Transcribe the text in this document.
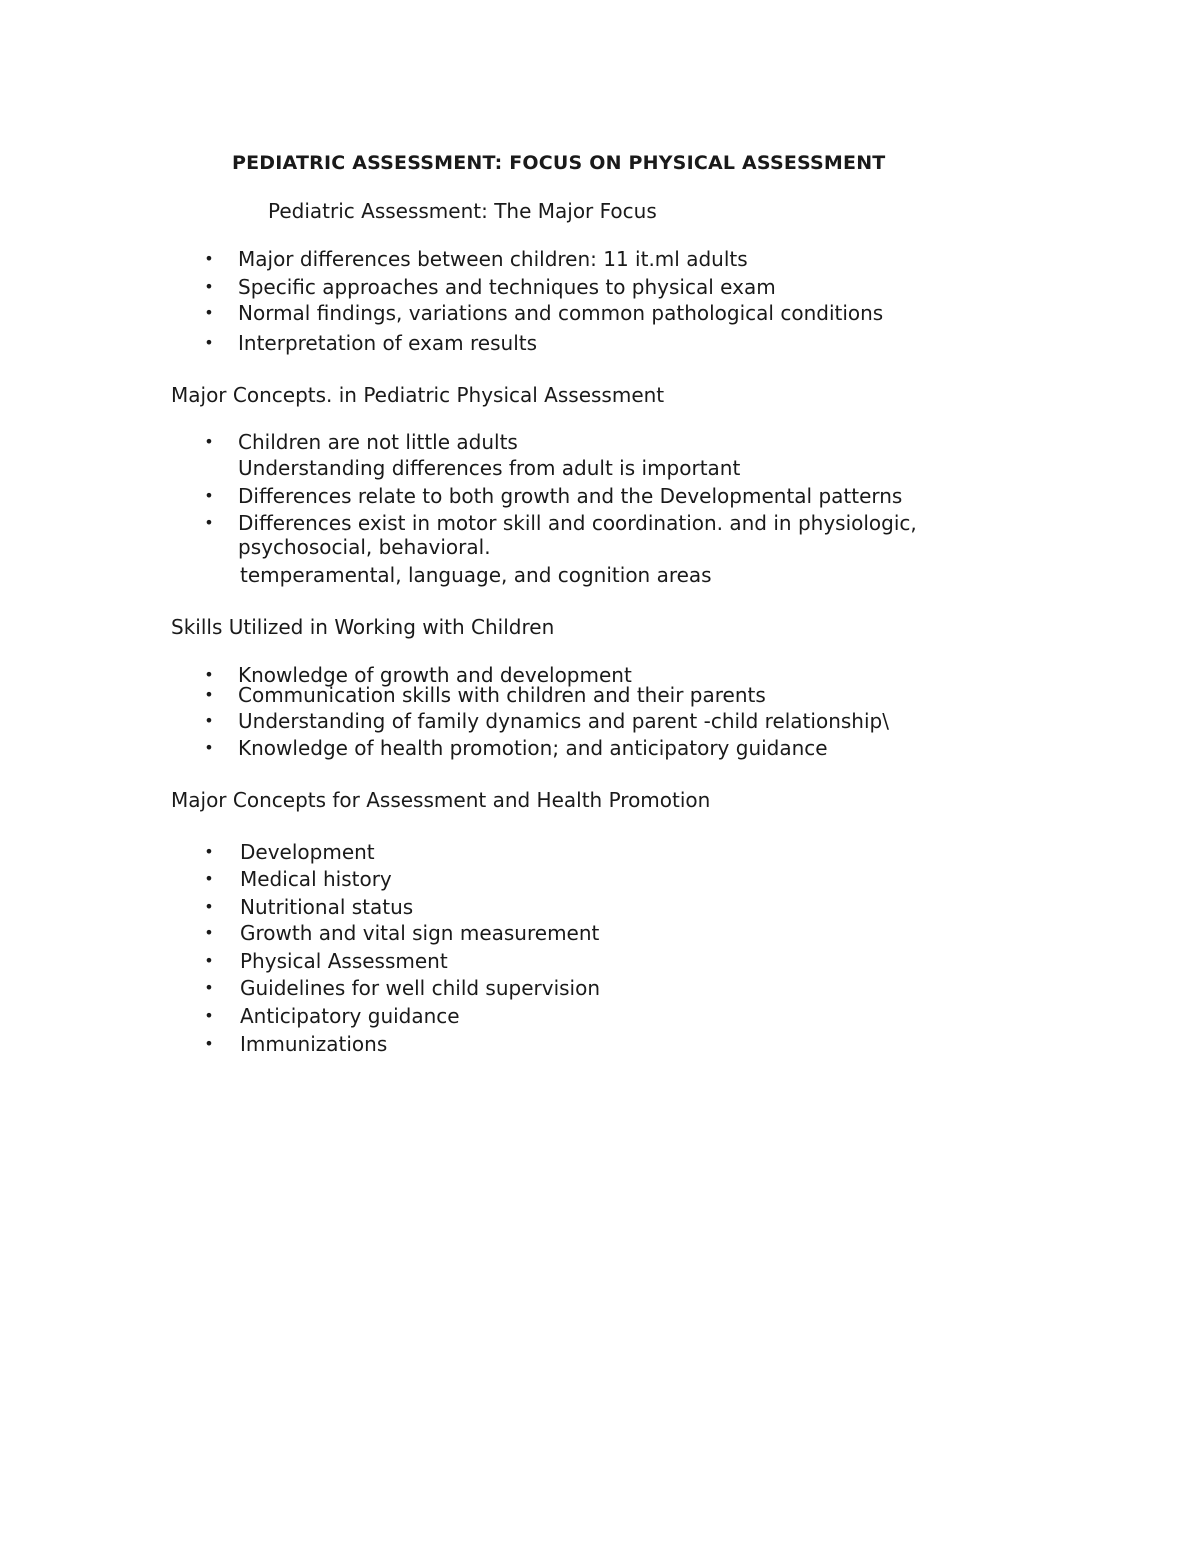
PEDIATRIC ASSESSMENT: FOCUS ON PHYSICAL ASSESSMENT
Pediatric Assessment: The Major Focus
• Major differences between children: 11 it.ml adults
• Specific approaches and techniques to physical exam
• Normal findings, variations and common pathological conditions
• Interpretation of exam results
Major Concepts. in Pediatric Physical Assessment
• Children are not little adults
Understanding differences from adult is important
• Differences relate to both growth and the Developmental patterns
• Differences exist in motor skill and coordination. and in physiologic,
psychosocial, behavioral.
temperamental, language, and cognition areas
Skills Utilized in Working with Children
• Knowledge of growth and development
• Communication skills with children and their parents
• Understanding of family dynamics and parent -child relationship\
• Knowledge of health promotion; and anticipatory guidance
Major Concepts for Assessment and Health Promotion
• Development
• Medical history
• Nutritional status
• Growth and vital sign measurement
• Physical Assessment
• Guidelines for well child supervision
• Anticipatory guidance
• Immunizations
